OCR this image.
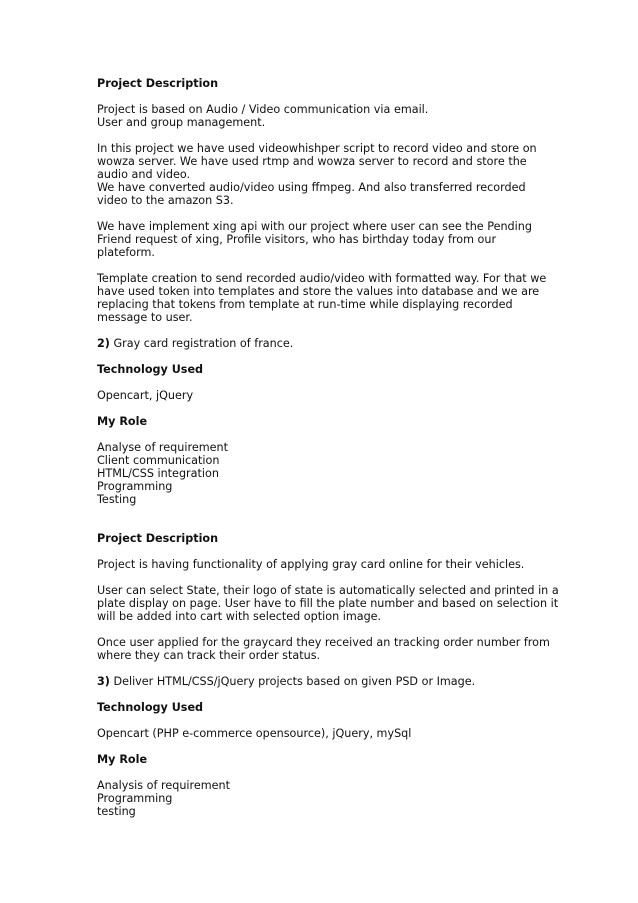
Project Description

Project is based on Audio / Video communication via email.
User and group management.

In this project we have used videowhishper script to record video and store on
wowza server. We have used rtmp and wowza server to record and store the
audio and video.
We have converted audio/video using ffmpeg. And also transferred recorded
video to the amazon S3.

We have implement xing api with our project where user can see the Pending
Friend request of xing, Profile visitors, who has birthday today from our
plateform.

Template creation to send recorded audio/video with formatted way. For that we
have used token into templates and store the values into database and we are
replacing that tokens from template at run-time while displaying recorded
message to user.

2) Gray card registration of france.

Technology Used

Opencart, jQuery

My Role

Analyse of requirement
Client communication
HTML/CSS integration
Programming
Testing

Project Description

Project is having functionality of applying gray card online for their vehicles.

User can select State, their logo of state is automatically selected and printed in a
plate display on page. User have to fill the plate number and based on selection it
will be added into cart with selected option image.

Once user applied for the graycard they received an tracking order number from
where they can track their order status.

3) Deliver HTML/CSS/jQuery projects based on given PSD or Image.

Technology Used

Opencart (PHP e-commerce opensource), jQuery, mySql

My Role

Analysis of requirement
Programming
testing
